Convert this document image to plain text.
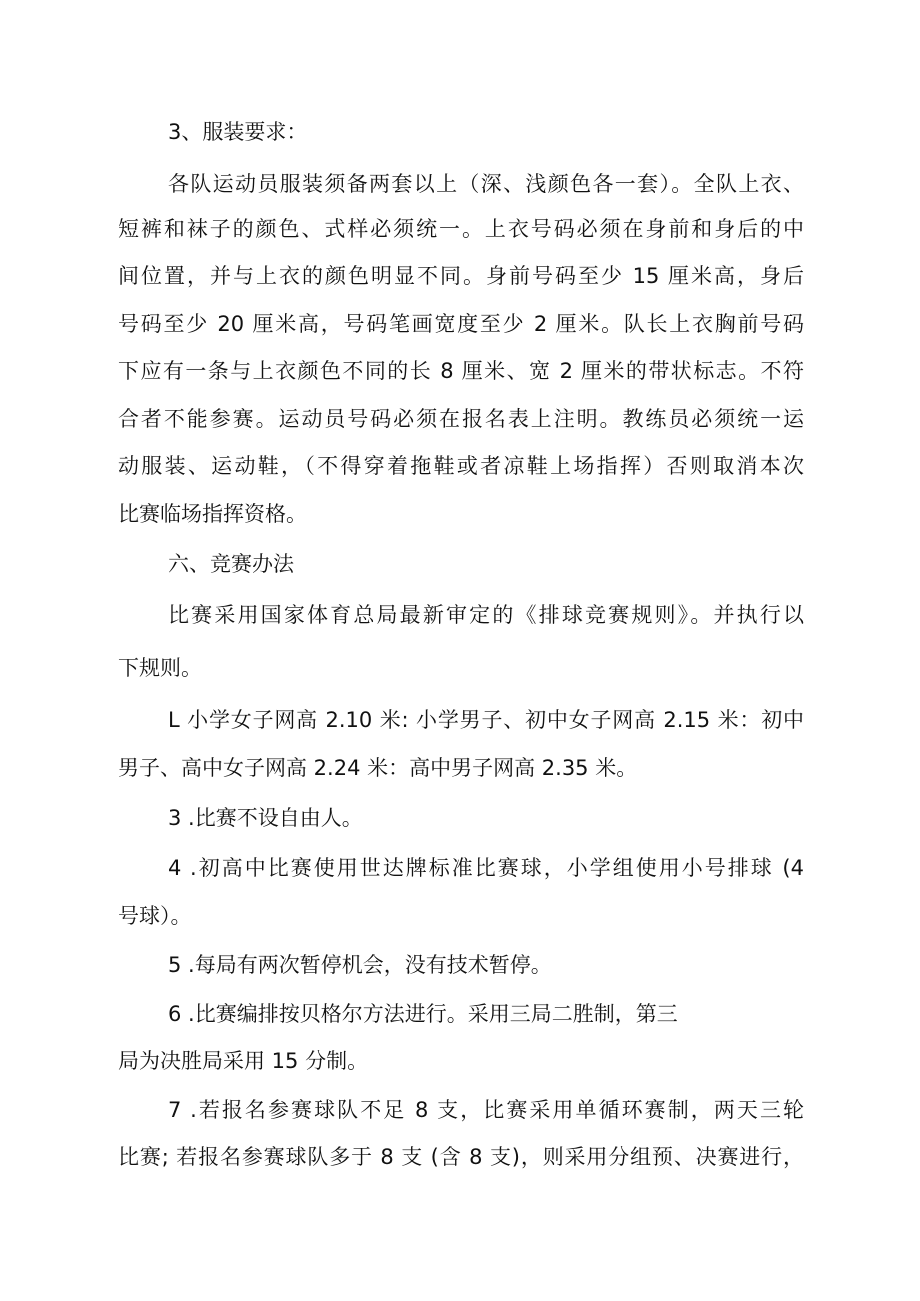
3、服装要求：

各队运动员服装须备两套以上（深、浅颜色各一套）。全队上衣、

短裤和袜子的颜色、式样必须统一。上衣号码必须在身前和身后的中

间位置，并与上衣的颜色明显不同。身前号码至少 15 厘米高，身后

号码至少 20 厘米高，号码笔画宽度至少 2 厘米。队长上衣胸前号码

下应有一条与上衣颜色不同的长 8 厘米、宽 2 厘米的带状标志。不符

合者不能参赛。运动员号码必须在报名表上注明。教练员必须统一运

动服装、运动鞋，（不得穿着拖鞋或者凉鞋上场指挥）否则取消本次

比赛临场指挥资格。

六、竞赛办法

比赛采用国家体育总局最新审定的《排球竞赛规则》。并执行以

下规则。

L 小学女子网高 2.10 米: 小学男子、初中女子网高 2.15 米：初中

男子、高中女子网高 2.24 米：高中男子网高 2.35 米。

3 .比赛不设自由人。

4 .初高中比赛使用世达牌标准比赛球，小学组使用小号排球 (4

号球）。

5 .每局有两次暂停机会，没有技术暂停。

6 .比赛编排按贝格尔方法进行。采用三局二胜制，第三

局为决胜局采用 15 分制。

7 .若报名参赛球队不足 8 支，比赛采用单循环赛制，两天三轮

比赛; 若报名参赛球队多于 8 支 (含 8 支)，则采用分组预、决赛进行，
